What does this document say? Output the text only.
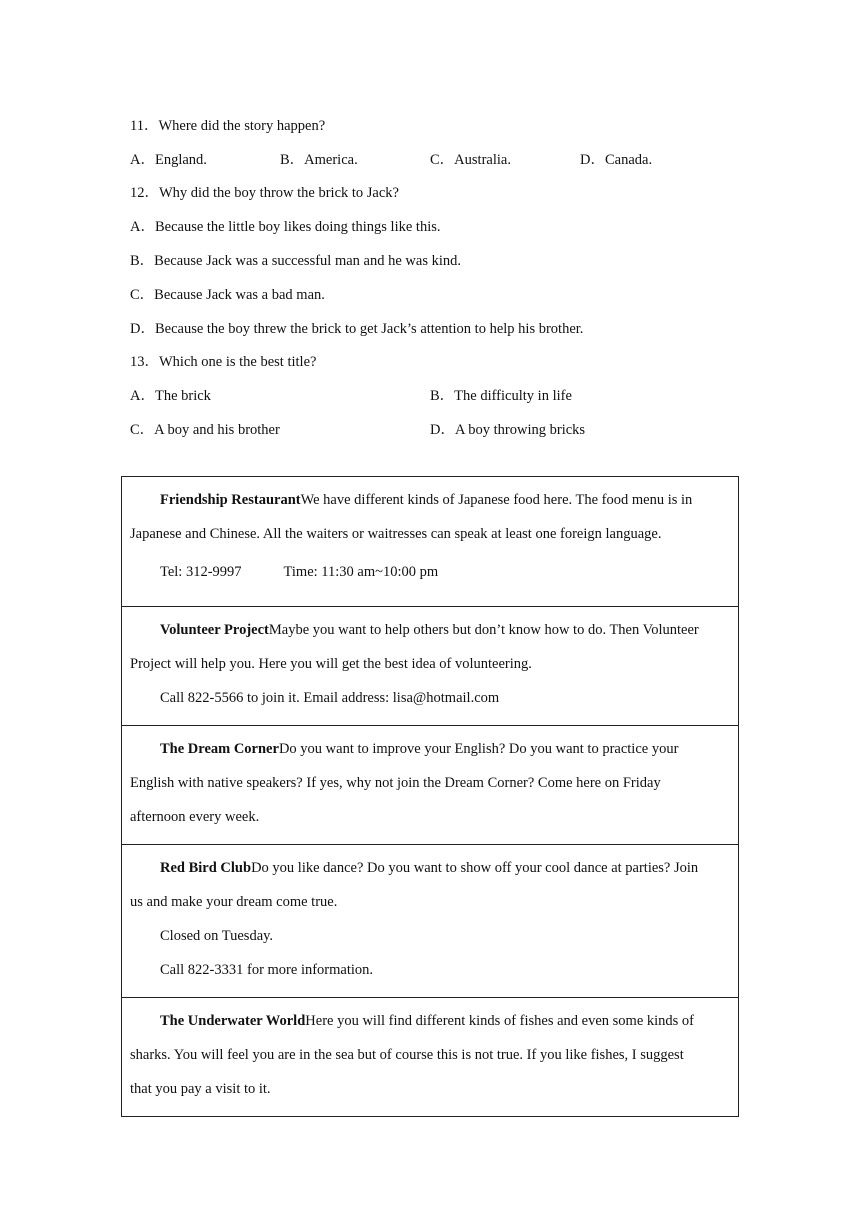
11．Where did the story happen?
A．England.	B．America.	C．Australia.	D．Canada.
12．Why did the boy throw the brick to Jack?
A．Because the little boy likes doing things like this.
B．Because Jack was a successful man and he was kind.
C．Because Jack was a bad man.
D．Because the boy threw the brick to get Jack’s attention to help his brother.
13．Which one is the best title?
A．The brick	B．The difficulty in life
C．A boy and his brother	D．A boy throwing bricks
Friendship RestaurantWe have different kinds of Japanese food here. The food menu is in
Japanese and Chinese. All the waiters or waitresses can speak at least one foreign language.
Tel: 312-9997	Time: 11:30 am~10:00 pm

Volunteer ProjectMaybe you want to help others but don’t know how to do. Then Volunteer
Project will help you. Here you will get the best idea of volunteering.
Call 822-5566 to join it. Email address: lisa@hotmail.com

The Dream CornerDo you want to improve your English? Do you want to practice your
English with native speakers? If yes, why not join the Dream Corner? Come here on Friday
afternoon every week.

Red Bird ClubDo you like dance? Do you want to show off your cool dance at parties? Join
us and make your dream come true.
Closed on Tuesday.
Call 822-3331 for more information.

The Underwater WorldHere you will find different kinds of fishes and even some kinds of
sharks. You will feel you are in the sea but of course this is not true. If you like fishes, I suggest
that you pay a visit to it.
